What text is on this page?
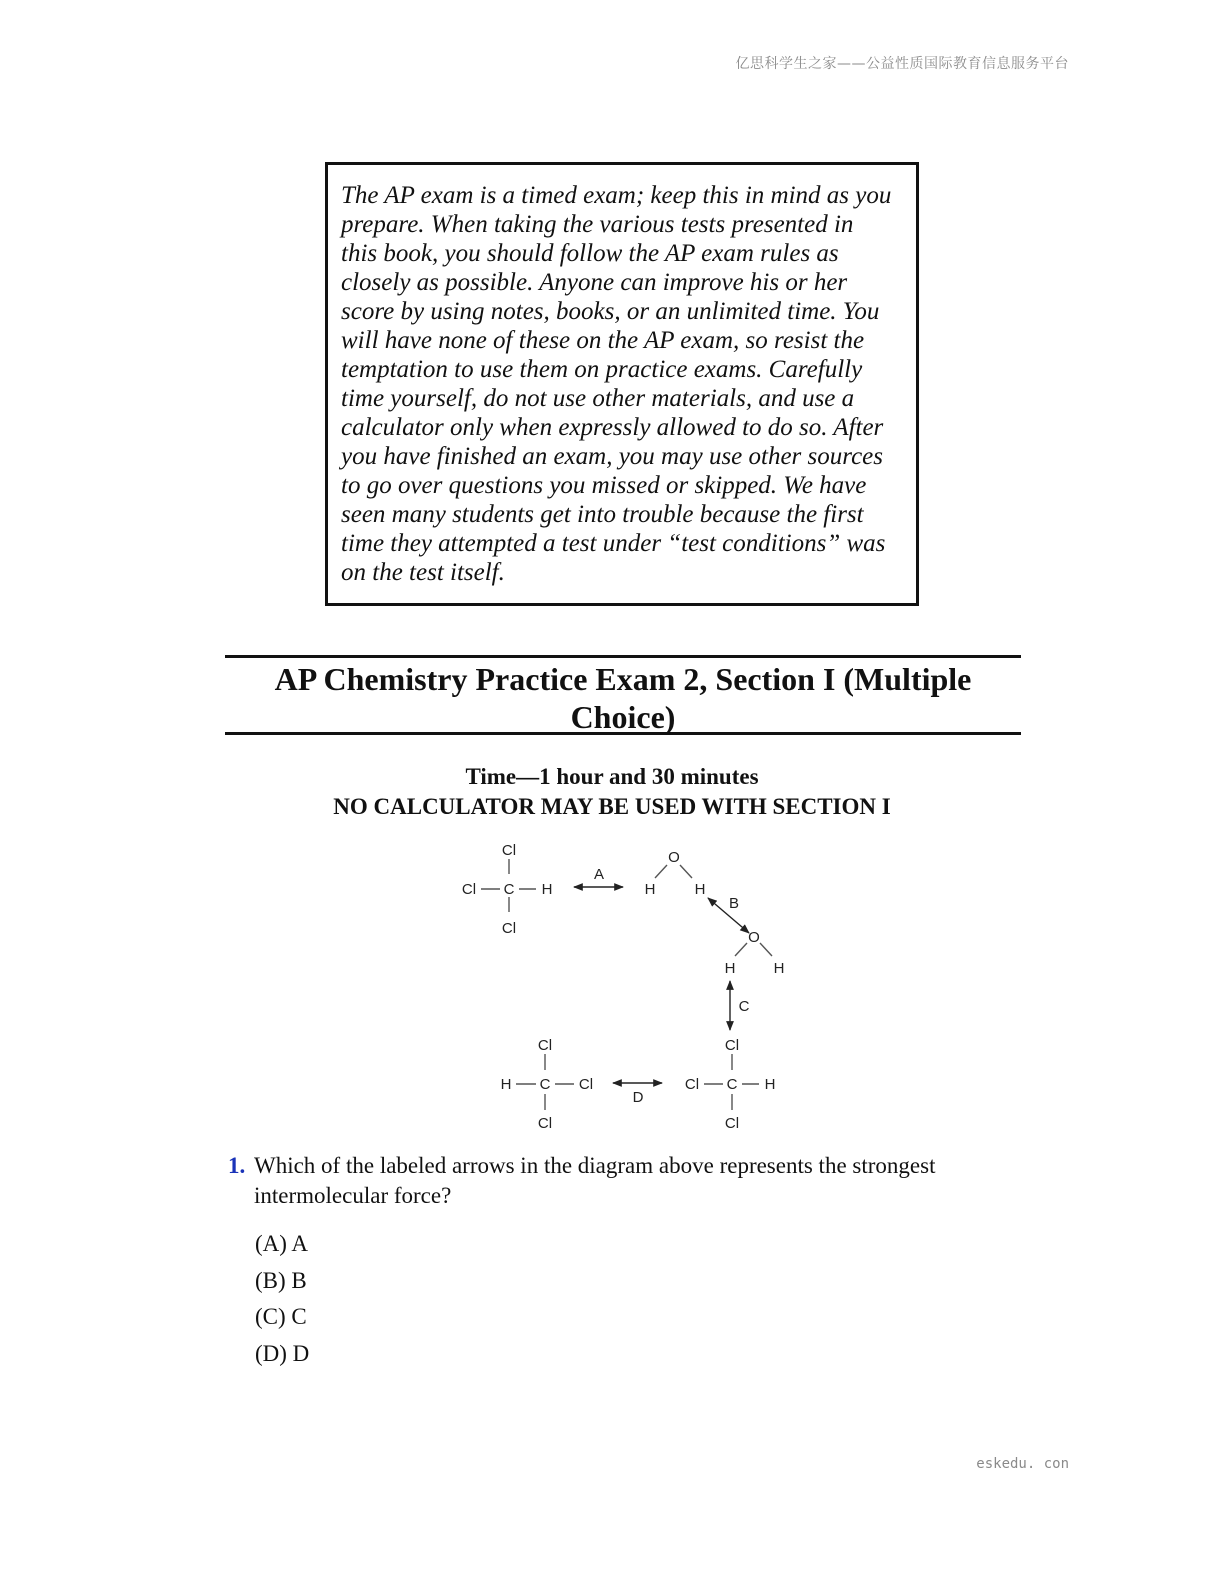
亿思科学生之家——公益性质国际教育信息服务平台

The AP exam is a timed exam; keep this in mind as you
prepare. When taking the various tests presented in
this book, you should follow the AP exam rules as
closely as possible. Anyone can improve his or her
score by using notes, books, or an unlimited time. You
will have none of these on the AP exam, so resist the
temptation to use them on practice exams. Carefully
time yourself, do not use other materials, and use a
calculator only when expressly allowed to do so. After
you have finished an exam, you may use other sources
to go over questions you missed or skipped. We have
seen many students get into trouble because the first
time they attempted a test under “test conditions” was
on the test itself.

AP Chemistry Practice Exam 2, Section I (Multiple
Choice)
Time—1 hour and 30 minutes
NO CALCULATOR MAY BE USED WITH SECTION I
Cl
Cl C H
Cl
A
O
H	H
B
O
H	H
C
Cl
Cl C H
Cl
D
Cl
H C Cl
Cl
1. Which of the labeled arrows in the diagram above represents the strongest
intermolecular force?
(A) A
(B) B
(C) C
(D) D
eskedu. con
